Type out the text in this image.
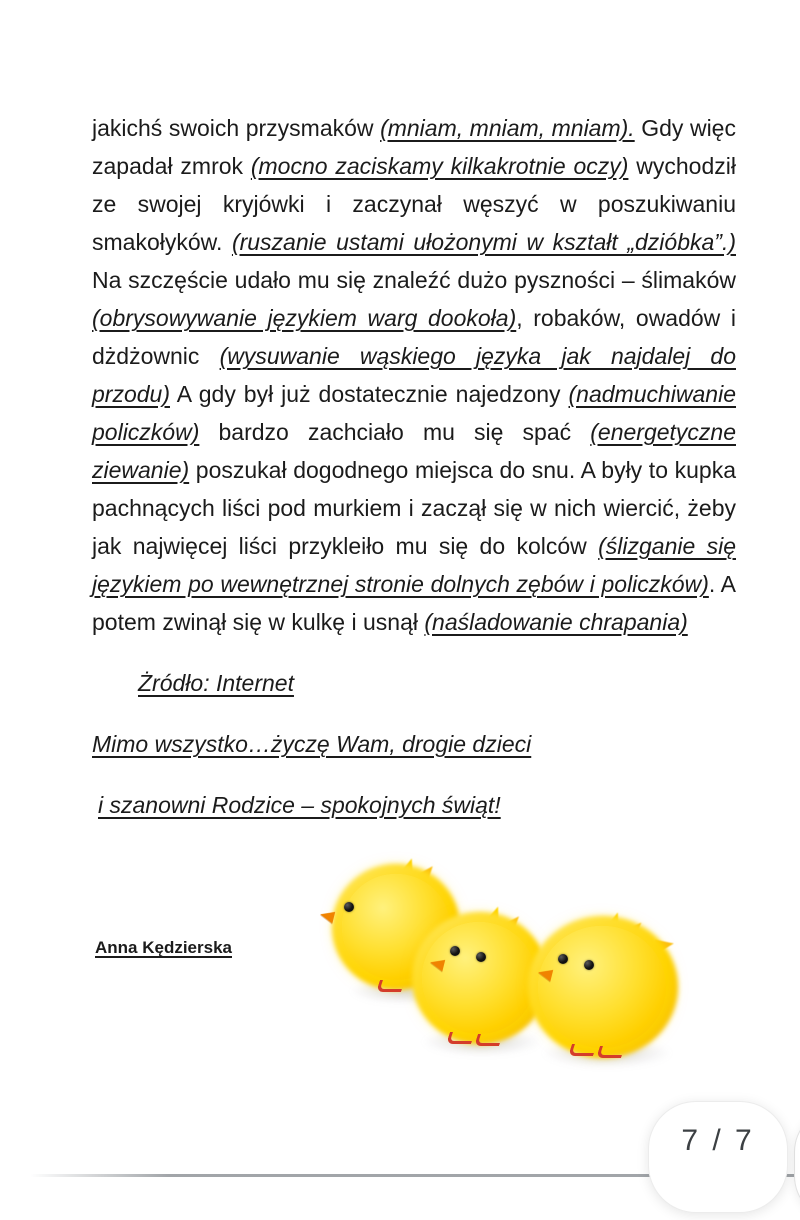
jakichś swoich przysmaków (mniam, mniam, mniam). Gdy więc zapadał zmrok (mocno zaciskamy kilkakrotnie oczy) wychodził ze swojej kryjówki i zaczynał węszyć w poszukiwaniu smakołyków. (ruszanie ustami ułożonymi w kształt „dzióbka”.) Na szczęście udało mu się znaleźć dużo pyszności – ślimaków (obrysowywanie językiem warg dookoła), robaków, owadów i dżdżownic (wysuwanie wąskiego języka jak najdalej do przodu) A gdy był już dostatecznie najedzony (nadmuchiwanie policzków) bardzo zachciało mu się spać (energetyczne ziewanie) poszukał dogodnego miejsca do snu. A były to kupka pachnących liści pod murkiem i zaczął się w nich wiercić, żeby jak najwięcej liści przykleiło mu się do kolców (ślizganie się językiem po wewnętrznej stronie dolnych zębów i policzków). A potem zwinął się w kulkę i usnął (naśladowanie chrapania)

Żródło: Internet

Mimo wszystko…życzę Wam, drogie dzieci

i szanowni Rodzice – spokojnych świąt!

Anna Kędzierska
7 / 7
